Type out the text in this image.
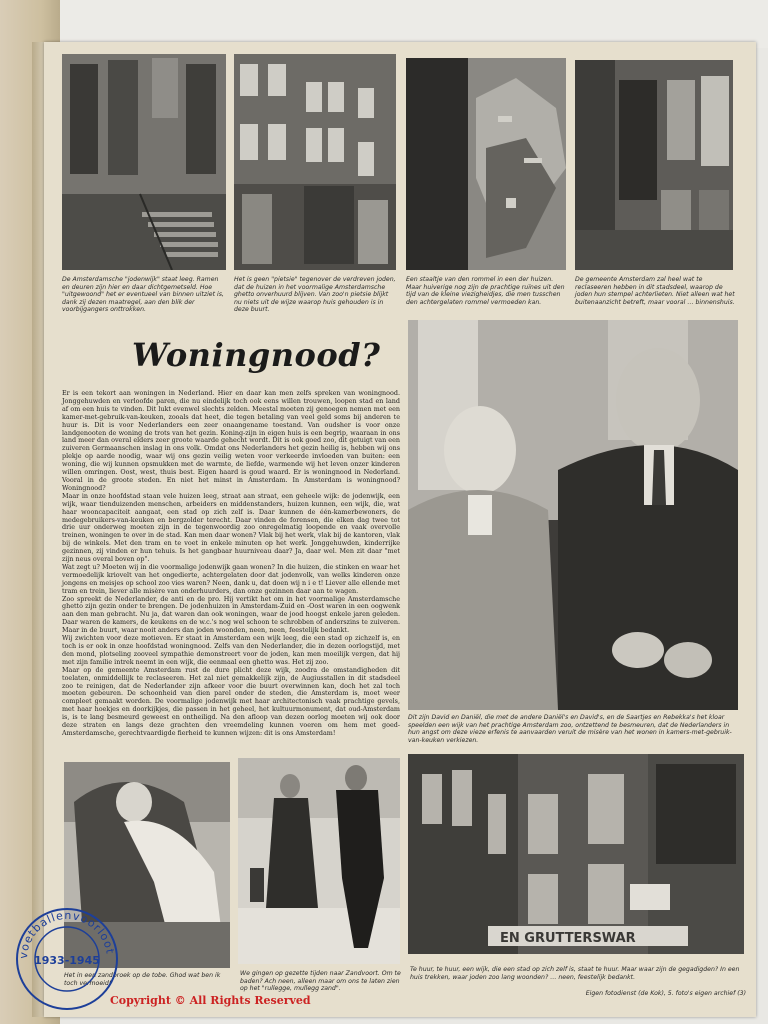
De Amsterdamsche "jodenwijk" staat leeg. Ramen en deuren zijn hier en daar dichtgemetseld. Hoe "uitgewoond" het er eventueel van binnen uitziet is, dank zij dezen maatregel, aan den blik der voorbijgangers onttrokken.

Het is geen "pietsie" tegenover de verdreven joden, dat de huizen in het voormalige Amsterdamsche ghetto onverhuurd blijven. Van zoo'n pietsie blijkt nu niets uit de wijze waarop huis gehouden is in deze buurt.

Een staaltje van den rommel in een der huizen. Maar huiverige nog zijn de prachtige ruïnes uit den tijd van de kleine viezigheidjes, die men tusschen den achtergelaten rommel vermoeden kan.

De gemeente Amsterdam zal heel wat te reclaseeren hebben in dit stadsdeel, waarop de joden hun stempel achterlieten. Niet alleen wat het buitenaanzicht betreft, maar vooral … binnenshuis.

Woningnood?

Er is een tekort aan woningen in Nederland. Hier en daar kan men zelfs spreken van woningnood. Jonggehuwden en verloofde paren, die nu eindelijk toch ook eens willen trouwen, loopen stad en land af om een huis te vinden. Dit lukt evenwel slechts zelden. Meestal moeten zij genoegen nemen met een kamer-met-gebruik-van-keuken, zooals dat heet, die tegen betaling van veel geld soms bij anderen te huur is. Dit is voor Nederlanders een zeer onaangename toestand. Van oudsher is voor onze landgenooten de woning de trots van het gezin. Koning-zijn in eigen huis is een begrip, waaraan in ons land meer dan overal elders zeer groote waarde gehecht wordt. Dit is ook goed zoo, dit getuigt van een zuiveren Germaanschen inslag in ons volk. Omdat ons Nederlanders het gezin heilig is, hebben wij ons plekje op aarde noodig, waar wij ons gezin veilig weten voor verkeerde invloeden van buiten: een woning, die wij kunnen opsmukken met de warmte, de liefde, warmende wij het leven onzer kinderen willen omringen. Oost, west, thuis best. Eigen haard is goud waard. Er is woningnood in Nederland. Vooral in de groote steden. En niet het minst in Amsterdam. In Amsterdam is woningnood? Woningnood?

Maar in onze hoofdstad staan vele huizen leeg, straat aan straat, een geheele wijk: de jodenwijk, een wijk, waar tienduizenden menschen, arbeiders en middenstanders, huizen kunnen, een wijk, die, wat haar wooncapaciteit aangaat, een stad op zich zelf is. Daar kunnen de één-kamerbewoners, de medegebruikers-van-keuken en bergzolder terecht. Daar vinden de forensen, die elken dag twee tot drie uur onderweg moeten zijn in de tegenwoordig zoo onregelmatig loopende en vaak overvolle treinen, woningen te over in de stad. Kan men daar wonen? Vlak bij het werk, vlak bij de kantoren, vlak bij de winkels. Met den tram en te voet in enkele minuten op het werk. Jonggehuwden, kinderrijke gezinnen, zij vinden er hun tehuis. Is het gangbaar huurniveau daar? Ja, daar wel. Men zit daar "met zijn neus overal boven op".

Wat zegt u? Moeten wij in die voormalige jodenwijk gaan wonen? In die huizen, die stinken en waar het vermoedelijk kriovelt van het ongedierte, achtergelaten door dat jodenvolk, van welks kinderen onze jongens en meisjes op school zoo vies waren? Neen, dank u, dat doen wij n i e t! Liever alle ellende met tram en trein, liever alle misère van onderhuurders, dan onze gezinnen daar aan te wagen.

Zoo spreekt de Nederlander, de anti en de pro. Hij vertikt het om in het voormalige Amsterdamsche ghetto zijn gezin onder te brengen. De jodenhuizen in Amsterdam-Zuid en -Oost waren in een oogwenk aan den man gebracht. Nu ja, dat waren dan ook woningen, waar de jood hoogst enkele jaren geleden. Daar waren de kamers, de keukens en de w.c.'s nog wel schoon te schrobben of anderszins te zuiveren. Maar in de buurt, waar nooit anders dan joden woonden, neen, neen, feestelijk bedankt.

Wij zwichten voor deze motieven. Er staat in Amsterdam een wijk leeg, die een stad op zichzelf is, en toch is er ook in onze hoofdstad woningnood. Zelfs van den Nederlander, die in dezen oorlogstijd, met den mond, plotseling zooveel sympathie demonstreert voor de joden, kan men moeilijk vergen, dat hij met zijn familie intrek neemt in een wijk, die eenmaal een ghetto was. Het zij zoo.

Maar op de gemeente Amsterdam rust de dure plicht deze wijk, zoodra de omstandigheden dit toelaten, onmiddellijk te reclaseeren. Het zal niet gemakkelijk zijn, de Augiusstallen in dit stadsdeel zoo te reinigen, dat de Nederlander zijn afkeer voor die buurt overwinnen kan, doch het zal toch moeten gebeuren. De schoonheid van dien parel onder de steden, die Amsterdam is, moet weer compleet gemaakt worden. De voormalige jodenwijk met haar architectonisch vaak prachtige gevels, met haar hoekjes en doorkijkjes, die passen in het geheel, het kultuurmonument, dat oud-Amsterdam is, is te lang besmeurd geweest en ontheiligd. Na den afloop van dezen oorlog moeten wij ook door deze straten en langs deze grachten den vreemdeling kunnen voeren om hem met goed-Amsterdamsche, gerechtvaardigde fierheid te kunnen wijzen: dit is ons Amsterdam!

Dit zijn David en Daniël, die met de andere Daniël's en David's, en de Saartjes en Rebekka's het kloar speelden een wijk van het prachtige Amsterdam zoo, ontzettend te besmeuren, dat de Nederlanders in hun angst om deze vieze erfenis te aanvaarden veruit de misère van het wonen in kamers-met-gebruik-van-keuken verkiezen.

EN GRUTTERSWAR

Het in een zandbroek op de tobe. Ghod wat ben ik toch vermoeid!

We gingen op gezette tijden naar Zandvoort. Om te baden? Ach neen, alleen maar om ons te laten zien op het "rullegge, mullegg zand".

Te huur, te huur, een wijk, die een stad op zich zelf is, staat te huur. Maar waar zijn de gegadigden? In een huis trekken, waar joden zoo lang woonden? … neen, feestelijk bedankt.

Eigen fotodienst (de Kok), 5. foto's eigen archief (3)

voetballenvoorloot
1933-1945

Copyright © All Rights Reserved
